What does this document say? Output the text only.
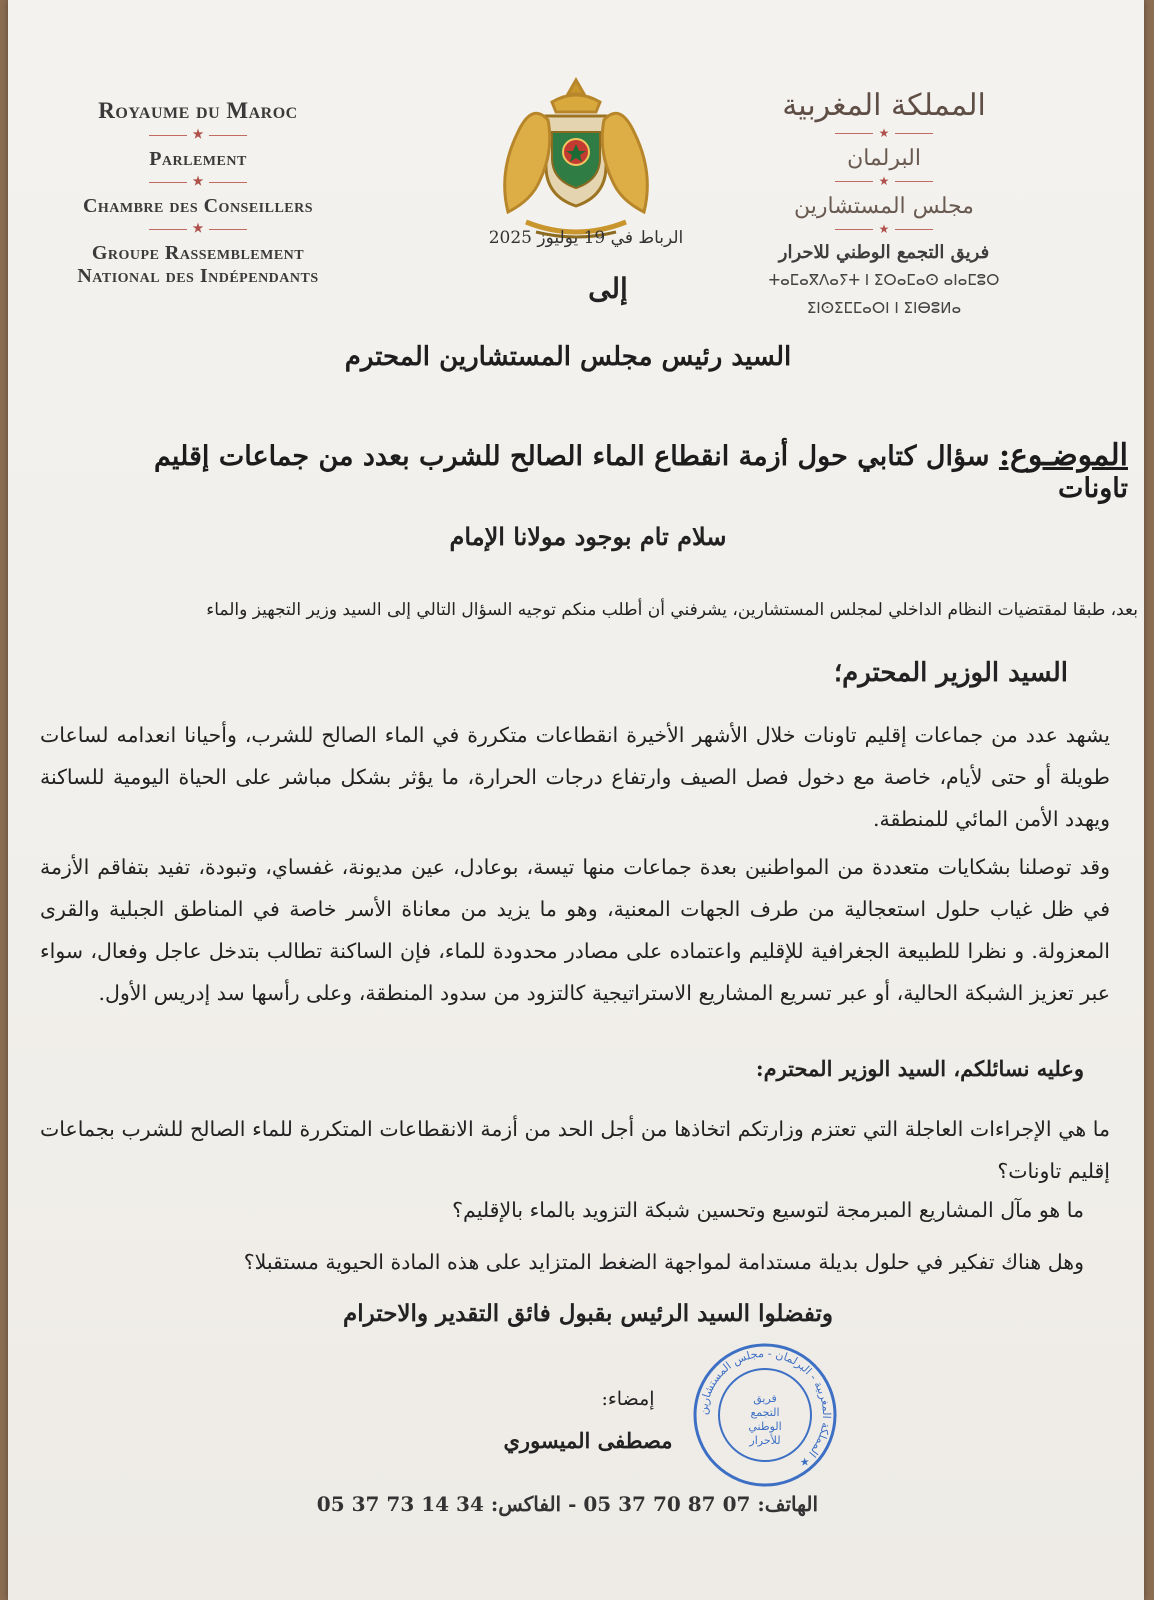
Royaume du Maroc
★
Parlement
★
Chambre des Conseillers
★
Groupe Rassemblement
National des Indépendants
الرباط في 19 يوليوز 2025
إلى
المملكة المغربية
★
البرلمان
★
مجلس المستشارين
★
فريق التجمع الوطني للاحرار
ⵜⴰⵎⴰⴳⴷⴰⵢⵜ ⵏ ⵉⵔⴰⵎⴰⵙ ⴰⵏⴰⵎⵓⵔ
ⵉⵏⵙⵉⵎⵎⴰⵔⵏ ⵏ ⵉⵏⴱⵓⵍⴰ
السيد رئيس مجلس المستشارين المحترم
الموضـوع: سؤال كتابي حول أزمة انقطاع الماء الصالح للشرب بعدد من جماعات إقليم تاونات
سلام تام بوجود مولانا الإمام
بعد، طبقا لمقتضيات النظام الداخلي لمجلس المستشارين، يشرفني أن أطلب منكم توجيه السؤال التالي إلى السيد وزير التجهيز والماء
السيد الوزير المحترم؛
يشهد عدد من جماعات إقليم تاونات خلال الأشهر الأخيرة انقطاعات متكررة في الماء الصالح للشرب، وأحيانا انعدامه لساعات طويلة أو حتى لأيام، خاصة مع دخول فصل الصيف وارتفاع درجات الحرارة، ما يؤثر بشكل مباشر على الحياة اليومية للساكنة ويهدد الأمن المائي للمنطقة.
وقد توصلنا بشكايات متعددة من المواطنين بعدة جماعات منها تيسة، بوعادل، عين مديونة، غفساي، وتبودة، تفيد بتفاقم الأزمة في ظل غياب حلول استعجالية من طرف الجهات المعنية، وهو ما يزيد من معاناة الأسر خاصة في المناطق الجبلية والقرى المعزولة. و نظرا للطبيعة الجغرافية للإقليم واعتماده على مصادر محدودة للماء، فإن الساكنة تطالب بتدخل عاجل وفعال، سواء عبر تعزيز الشبكة الحالية، أو عبر تسريع المشاريع الاستراتيجية كالتزود من سدود المنطقة، وعلى رأسها سد إدريس الأول.
وعليه نسائلكم، السيد الوزير المحترم:
ما هي الإجراءات العاجلة التي تعتزم وزارتكم اتخاذها من أجل الحد من أزمة الانقطاعات المتكررة للماء الصالح للشرب بجماعات إقليم تاونات؟
ما هو مآل المشاريع المبرمجة لتوسيع وتحسين شبكة التزويد بالماء بالإقليم؟
وهل هناك تفكير في حلول بديلة مستدامة لمواجهة الضغط المتزايد على هذه المادة الحيوية مستقبلا؟
وتفضلوا السيد الرئيس بقبول فائق التقدير والاحترام
إمضاء:
مصطفى الميسوري
المملكة المغربية - البرلمان - مجلس المستشارين ★
فريق
التجمع
الوطني
للأحرار
الهاتف: 07 87 70 37 05 - الفاكس: 34 14 73 37 05
